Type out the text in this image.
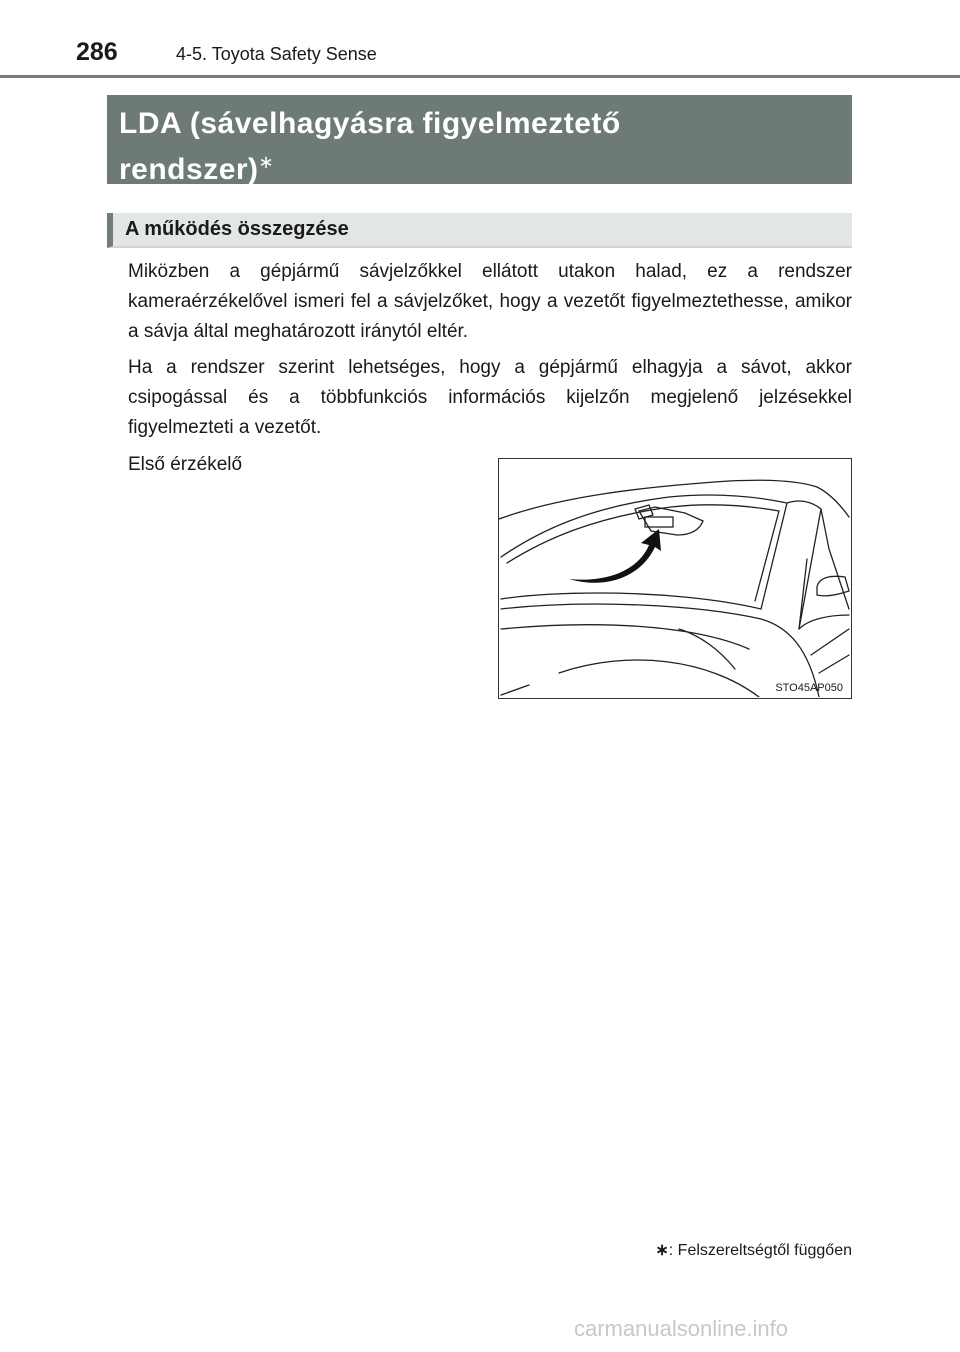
286	4-5. Toyota Safety Sense
LDA (sávelhagyásra figyelmeztető
rendszer)∗
A működés összegzése
Miközben a gépjármű sávjelzőkkel ellátott utakon halad, ez a rendszer kameraérzékelővel ismeri fel a sávjelzőket, hogy a vezetőt figyelmeztethesse, amikor a sávja által meghatározott iránytól eltér.
Ha a rendszer szerint lehetséges, hogy a gépjármű elhagyja a sávot, akkor csipogással és a többfunkciós információs kijelzőn megjelenő jelzésekkel figyelmezteti a vezetőt.
Első érzékelő
STO45AP050
∗: Felszereltségtől függően
carmanualsonline.info
